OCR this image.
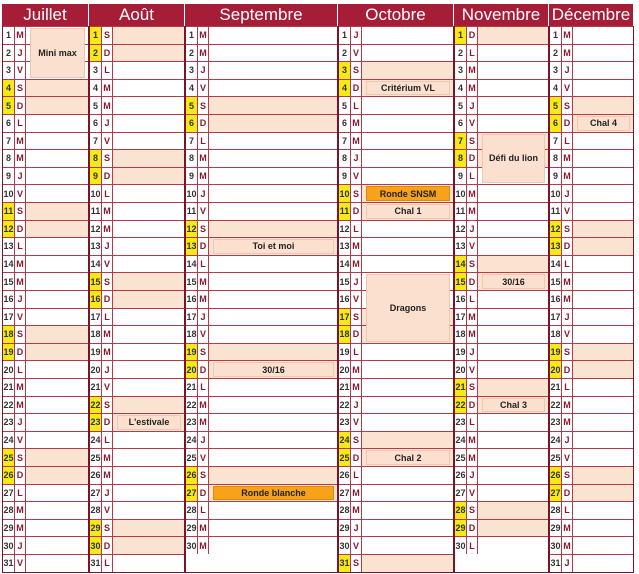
Juillet
1 M
2 J
3 V
4 S
5 D
6 L
7 M
8 M
9 J
10 V
11 S
12 D
13 L
14 M
15 M
16 J
17 V
18 S
19 D
20 L
21 M
22 M
23 J
24 V
25 S
26 D
27 L
28 M
29 M
30 J
31 V
Août
1 S
2 D
3 L
4 M
5 M
6 J
7 V
8 S
9 D
10 L
11 M
12 M
13 J
14 V
15 S
16 D
17 L
18 M
19 M
20 J
21 V
22 S
23 D
24 L
25 M
26 M
27 J
28 V
29 S
30 D
31 L
Septembre
1 M
2 M
3 J
4 V
5 S
6 D
7 L
8 M
9 M
10 J
11 V
12 S
13 D
14 L
15 M
16 M
17 J
18 V
19 S
20 D
21 L
22 M
23 M
24 J
25 V
26 S
27 D
28 L
29 M
30 M
Octobre
1 J
2 V
3 S
4 D
5 L
6 M
7 M
8 J
9 V
10 S
11 D
12 L
13 M
14 M
15 J
16 V
17 S
18 D
19 L
20 M
21 M
22 J
23 V
24 S
25 D
26 L
27 M
28 M
29 J
30 V
31 S
Novembre
1 D
2 L
3 M
4 M
5 J
6 V
7 S
8 D
9 L
10 M
11 M
12 J
13 V
14 S
15 D
16 L
17 M
18 M
19 J
20 V
21 S
22 D
23 L
24 M
25 M
26 J
27 V
28 S
29 D
30 L
Décembre
1 M
2 M
3 J
4 V
5 S
6 D
7 L
8 M
9 M
10 J
11 V
12 S
13 D
14 L
15 M
16 M
17 J
18 V
19 S
20 D
21 L
22 M
23 M
24 J
25 V
26 S
27 D
28 L
29 M
30 M
31 J
Mini max
L'estivale
Toi et moi
30/16
Ronde blanche
Critérium VL
Ronde SNSM
Chal 1
Dragons
Chal 2
Défi du lion
30/16
Chal 3
Chal 4
